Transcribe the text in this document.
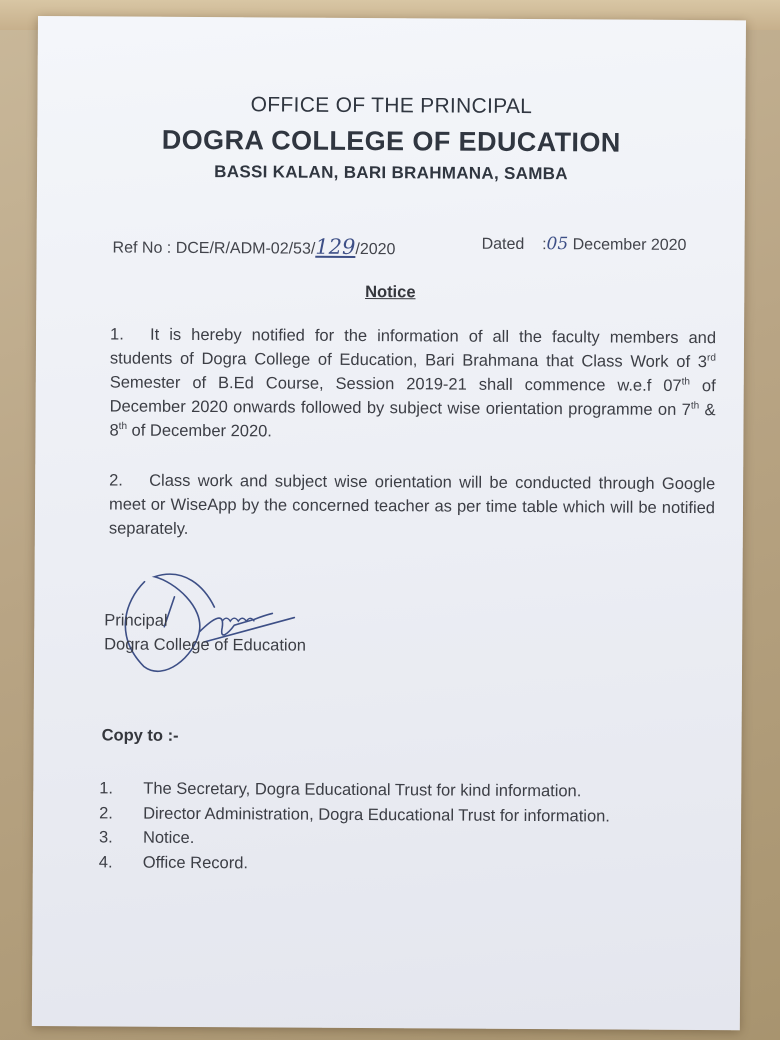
OFFICE OF THE PRINCIPAL
DOGRA COLLEGE OF EDUCATION
BASSI KALAN, BARI BRAHMANA, SAMBA
Ref No : DCE/R/ADM-02/53/129/2020	Dated :05 December 2020
Notice
1. It is hereby notified for the information of all the faculty members and students of Dogra College of Education, Bari Brahmana that Class Work of 3rd Semester of B.Ed Course, Session 2019-21 shall commence w.e.f 07th of December 2020 onwards followed by subject wise orientation programme on 7th & 8th of December 2020.
2. Class work and subject wise orientation will be conducted through Google meet or WiseApp by the concerned teacher as per time table which will be notified separately.
Principal
Dogra College of Education
Copy to :-
1. The Secretary, Dogra Educational Trust for kind information.
2. Director Administration, Dogra Educational Trust for information.
3. Notice.
4. Office Record.
